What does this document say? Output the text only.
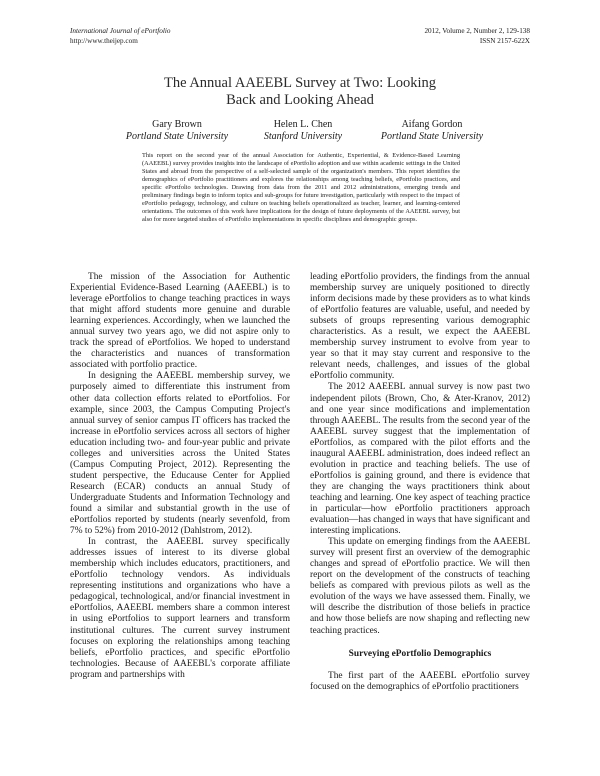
International Journal of ePortfolio
http://www.theijep.com
2012, Volume 2, Number 2, 129-138
ISSN 2157-622X
The Annual AAEEBL Survey at Two: Looking
Back and Looking Ahead
Gary Brown
Portland State University
Helen L. Chen
Stanford University
Aifang Gordon
Portland State University
This report on the second year of the annual Association for Authentic, Experiential, & Evidence-Based Learning (AAEEBL) survey provides insights into the landscape of ePortfolio adoption and use within academic settings in the United States and abroad from the perspective of a self-selected sample of the organization's members. This report identifies the demographics of ePortfolio practitioners and explores the relationships among teaching beliefs, ePortfolio practices, and specific ePortfolio technologies. Drawing from data from the 2011 and 2012 administrations, emerging trends and preliminary findings begin to inform topics and sub-groups for future investigation, particularly with respect to the impact of ePortfolio pedagogy, technology, and culture on teaching beliefs operationalized as teacher, learner, and learning-centered orientations. The outcomes of this work have implications for the design of future deployments of the AAEEBL survey, but also for more targeted studies of ePortfolio implementations in specific disciplines and demographic groups.

The mission of the Association for Authentic Experiential Evidence-Based Learning (AAEEBL) is to leverage ePortfolios to change teaching practices in ways that might afford students more genuine and durable learning experiences. Accordingly, when we launched the annual survey two years ago, we did not aspire only to track the spread of ePortfolios. We hoped to understand the characteristics and nuances of transformation associated with portfolio practice.

In designing the AAEEBL membership survey, we purposely aimed to differentiate this instrument from other data collection efforts related to ePortfolios. For example, since 2003, the Campus Computing Project's annual survey of senior campus IT officers has tracked the increase in ePortfolio services across all sectors of higher education including two- and four-year public and private colleges and universities across the United States (Campus Computing Project, 2012). Representing the student perspective, the Educause Center for Applied Research (ECAR) conducts an annual Study of Undergraduate Students and Information Technology and found a similar and substantial growth in the use of ePortfolios reported by students (nearly sevenfold, from 7% to 52%) from 2010-2012 (Dahlstrom, 2012).

In contrast, the AAEEBL survey specifically addresses issues of interest to its diverse global membership which includes educators, practitioners, and ePortfolio technology vendors. As individuals representing institutions and organizations who have a pedagogical, technological, and/or financial investment in ePortfolios, AAEEBL members share a common interest in using ePortfolios to support learners and transform institutional cultures. The current survey instrument focuses on exploring the relationships among teaching beliefs, ePortfolio practices, and specific ePortfolio technologies. Because of AAEEBL's corporate affiliate program and partnerships with

leading ePortfolio providers, the findings from the annual membership survey are uniquely positioned to directly inform decisions made by these providers as to what kinds of ePortfolio features are valuable, useful, and needed by subsets of groups representing various demographic characteristics. As a result, we expect the AAEEBL membership survey instrument to evolve from year to year so that it may stay current and responsive to the relevant needs, challenges, and issues of the global ePortfolio community.

The 2012 AAEEBL annual survey is now past two independent pilots (Brown, Cho, & Ater-Kranov, 2012) and one year since modifications and implementation through AAEEBL. The results from the second year of the AAEEBL survey suggest that the implementation of ePortfolios, as compared with the pilot efforts and the inaugural AAEEBL administration, does indeed reflect an evolution in practice and teaching beliefs. The use of ePortfolios is gaining ground, and there is evidence that they are changing the ways practitioners think about teaching and learning. One key aspect of teaching practice in particular—how ePortfolio practitioners approach evaluation—has changed in ways that have significant and interesting implications.

This update on emerging findings from the AAEEBL survey will present first an overview of the demographic changes and spread of ePortfolio practice. We will then report on the development of the constructs of teaching beliefs as compared with previous pilots as well as the evolution of the ways we have assessed them. Finally, we will describe the distribution of those beliefs in practice and how those beliefs are now shaping and reflecting new teaching practices.

Surveying ePortfolio Demographics

The first part of the AAEEBL ePortfolio survey focused on the demographics of ePortfolio practitioners
